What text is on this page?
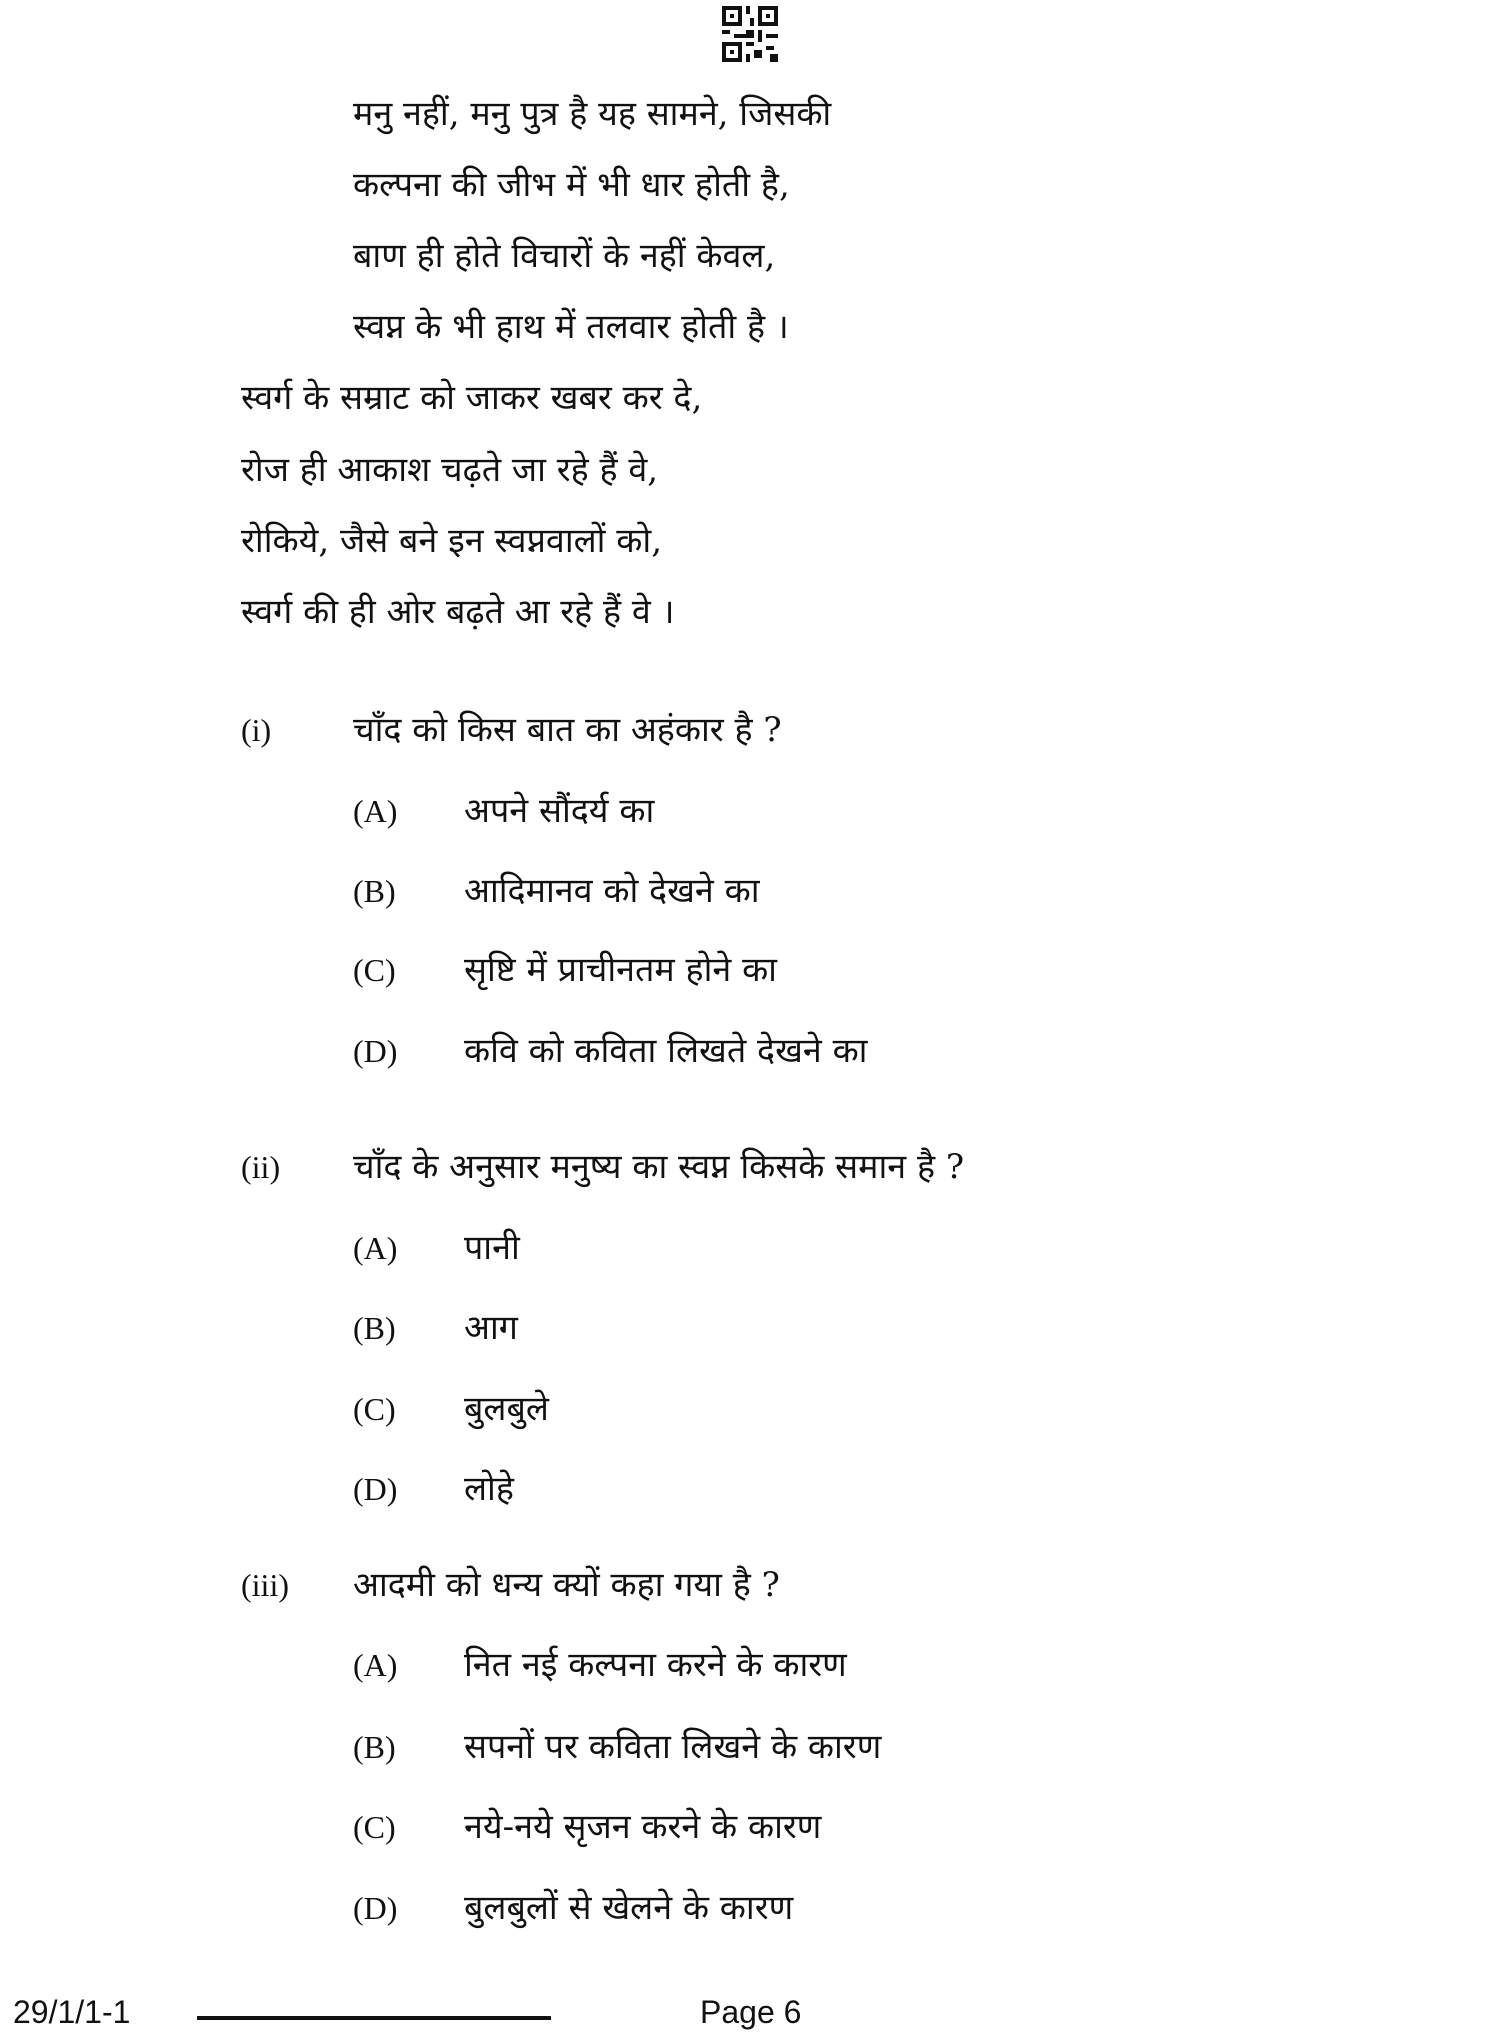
मनु नहीं, मनु पुत्र है यह सामने, जिसकी
कल्पना की जीभ में भी धार होती है,
बाण ही होते विचारों के नहीं केवल,
स्वप्न के भी हाथ में तलवार होती है ।
स्वर्ग के सम्राट को जाकर खबर कर दे,
रोज ही आकाश चढ़ते जा रहे हैं वे,
रोकिये, जैसे बने इन स्वप्नवालों को,
स्वर्ग की ही ओर बढ़ते आ रहे हैं वे ।
(i) चाँद को किस बात का अहंकार है ?
(A) अपने सौंदर्य का
(B) आदिमानव को देखने का
(C) सृष्टि में प्राचीनतम होने का
(D) कवि को कविता लिखते देखने का
(ii) चाँद के अनुसार मनुष्य का स्वप्न किसके समान है ?
(A) पानी
(B) आग
(C) बुलबुले
(D) लोहे
(iii) आदमी को धन्य क्यों कहा गया है ?
(A) नित नई कल्पना करने के कारण
(B) सपनों पर कविता लिखने के कारण
(C) नये-नये सृजन करने के कारण
(D) बुलबुलों से खेलने के कारण
29/1/1-1	Page 6
